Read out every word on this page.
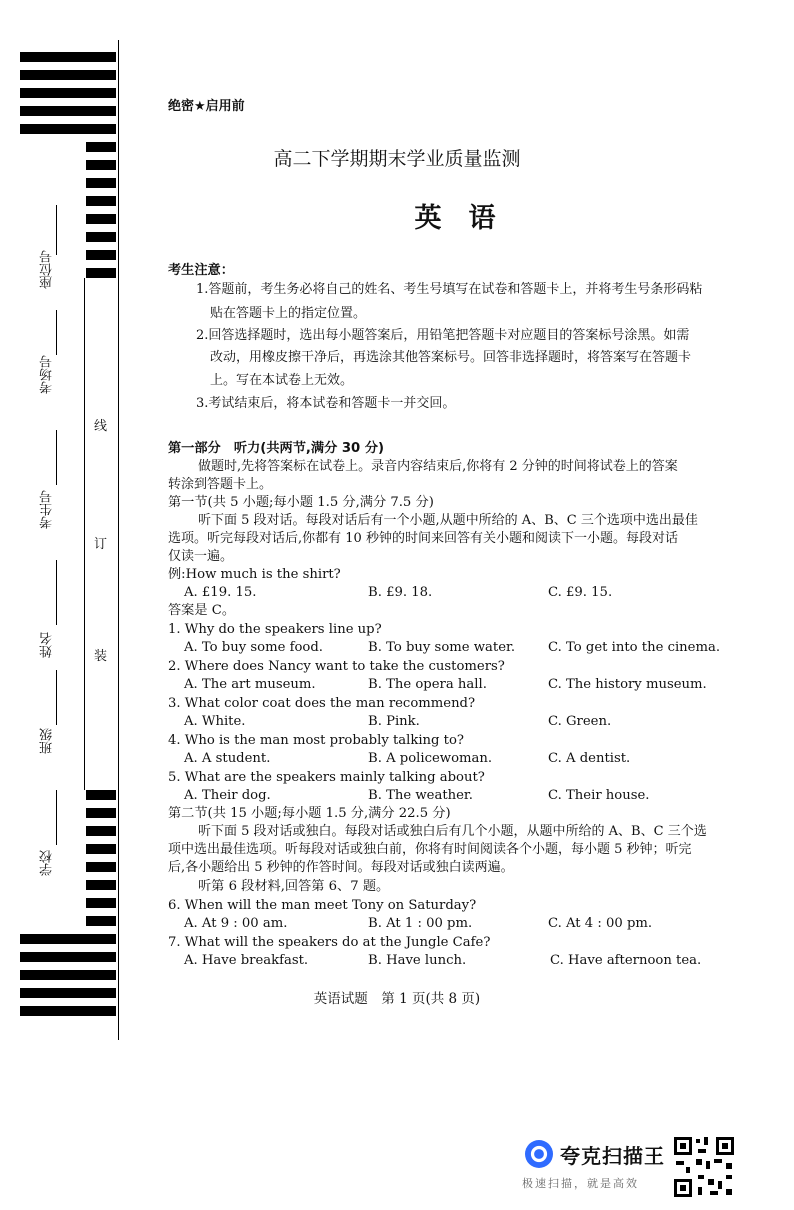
座位号
考场号
考生号
姓名
班级
学校
线
订
装
绝密★启用前
高二下学期期末学业质量监测
英　语
考生注意：
1.答题前，考生务必将自己的姓名、考生号填写在试卷和答题卡上，并将考生号条形码粘
贴在答题卡上的指定位置。
2.回答选择题时，选出每小题答案后，用铅笔把答题卡对应题目的答案标号涂黑。如需
改动，用橡皮擦干净后，再选涂其他答案标号。回答非选择题时，将答案写在答题卡
上。写在本试卷上无效。
3.考试结束后，将本试卷和答题卡一并交回。
第一部分　听力(共两节,满分 30 分)
做题时,先将答案标在试卷上。录音内容结束后,你将有 2 分钟的时间将试卷上的答案
转涂到答题卡上。
第一节(共 5 小题;每小题 1.5 分,满分 7.5 分)
听下面 5 段对话。每段对话后有一个小题,从题中所给的 A、B、C 三个选项中选出最佳
选项。听完每段对话后,你都有 10 秒钟的时间来回答有关小题和阅读下一小题。每段对话
仅读一遍。
例:How much is the shirt?
A. £19. 15.	B. £9. 18.	C. £9. 15.
答案是 C。
1. Why do the speakers line up?
A. To buy some food.	B. To buy some water. C. To get into the cinema.
2. Where does Nancy want to take the customers?
A. The art museum.	B. The opera hall.	C. The history museum.
3. What color coat does the man recommend?
A. White.	B. Pink.	C. Green.
4. Who is the man most probably talking to?
A. A student.	B. A policewoman.	C. A dentist.
5. What are the speakers mainly talking about?
A. Their dog.	B. The weather.	C. Their house.
第二节(共 15 小题;每小题 1.5 分,满分 22.5 分)
听下面 5 段对话或独白。每段对话或独白后有几个小题，从题中所给的 A、B、C 三个选
项中选出最佳选项。听每段对话或独白前，你将有时间阅读各个小题，每小题 5 秒钟；听完
后,各小题给出 5 秒钟的作答时间。每段对话或独白读两遍。
听第 6 段材料,回答第 6、7 题。
6. When will the man meet Tony on Saturday?
A. At 9 : 00 am.	B. At 1 : 00 pm.	C. At 4 : 00 pm.
7. What will the speakers do at the Jungle Cafe?
A. Have breakfast.	B. Have lunch.	C. Have afternoon tea.
英语试题　第 1 页(共 8 页)
夸克扫描王
极速扫描，就是高效
